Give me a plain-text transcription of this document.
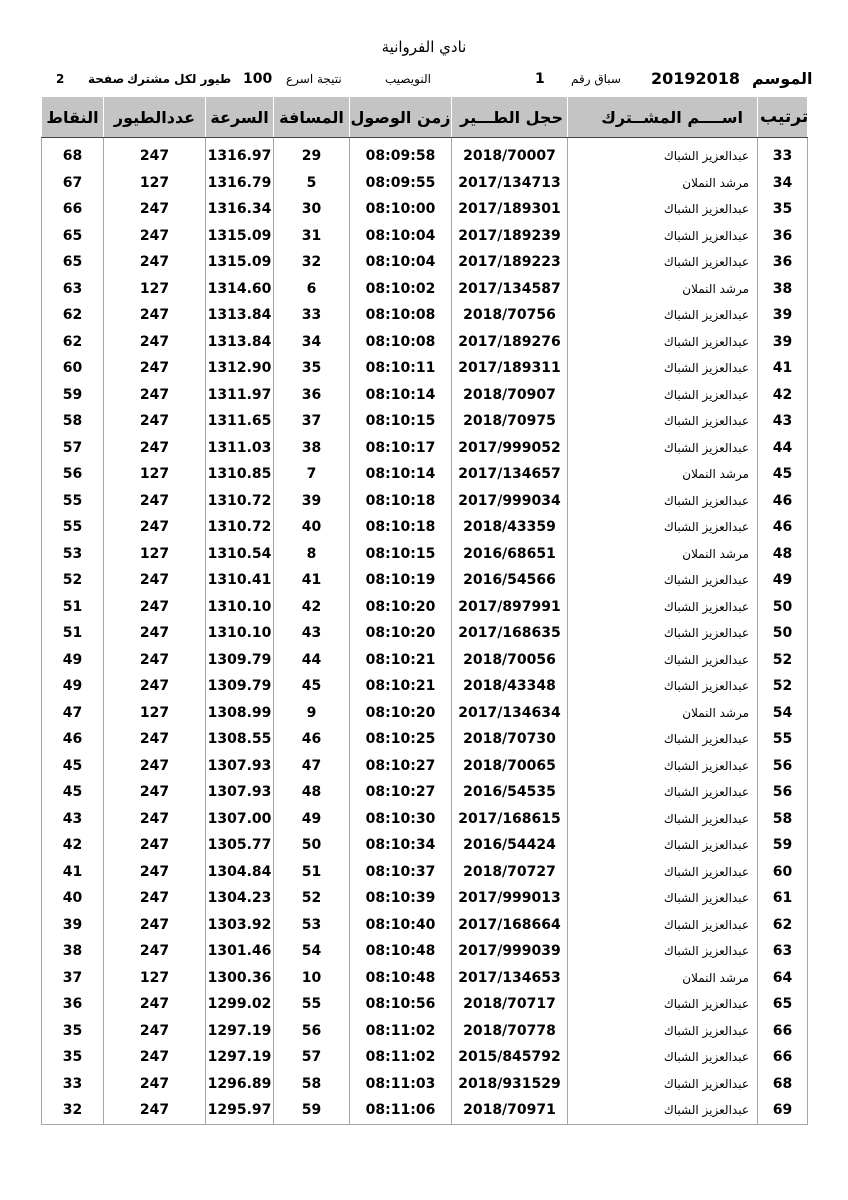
نادي الفروانية
2 صفحة طيور لكل مشترك 100 نتيجة اسرع	النويصيب	1 سباق رقم 20192018 الموسم
النقاط	عددالطيور	السرعة	المسافة	زمن الوصول	حجل الطـــير	اســــم المشــترك	ترتيب

68	247	1316.97	29	08:09:58	2018/70007	عبدالعزيز الشباك	33
67	127	1316.79	5	08:09:55	2017/134713	مرشد النملان	34
66	247	1316.34	30	08:10:00	2017/189301	عبدالعزيز الشباك	35
65	247	1315.09	31	08:10:04	2017/189239	عبدالعزيز الشباك	36
65	247	1315.09	32	08:10:04	2017/189223	عبدالعزيز الشباك	36
63	127	1314.60	6	08:10:02	2017/134587	مرشد النملان	38
62	247	1313.84	33	08:10:08	2018/70756	عبدالعزيز الشباك	39
62	247	1313.84	34	08:10:08	2017/189276	عبدالعزيز الشباك	39
60	247	1312.90	35	08:10:11	2017/189311	عبدالعزيز الشباك	41
59	247	1311.97	36	08:10:14	2018/70907	عبدالعزيز الشباك	42
58	247	1311.65	37	08:10:15	2018/70975	عبدالعزيز الشباك	43
57	247	1311.03	38	08:10:17	2017/999052	عبدالعزيز الشباك	44
56	127	1310.85	7	08:10:14	2017/134657	مرشد النملان	45
55	247	1310.72	39	08:10:18	2017/999034	عبدالعزيز الشباك	46
55	247	1310.72	40	08:10:18	2018/43359	عبدالعزيز الشباك	46
53	127	1310.54	8	08:10:15	2016/68651	مرشد النملان	48
52	247	1310.41	41	08:10:19	2016/54566	عبدالعزيز الشباك	49
51	247	1310.10	42	08:10:20	2017/897991	عبدالعزيز الشباك	50
51	247	1310.10	43	08:10:20	2017/168635	عبدالعزيز الشباك	50
49	247	1309.79	44	08:10:21	2018/70056	عبدالعزيز الشباك	52
49	247	1309.79	45	08:10:21	2018/43348	عبدالعزيز الشباك	52
47	127	1308.99	9	08:10:20	2017/134634	مرشد النملان	54
46	247	1308.55	46	08:10:25	2018/70730	عبدالعزيز الشباك	55
45	247	1307.93	47	08:10:27	2018/70065	عبدالعزيز الشباك	56
45	247	1307.93	48	08:10:27	2016/54535	عبدالعزيز الشباك	56
43	247	1307.00	49	08:10:30	2017/168615	عبدالعزيز الشباك	58
42	247	1305.77	50	08:10:34	2016/54424	عبدالعزيز الشباك	59
41	247	1304.84	51	08:10:37	2018/70727	عبدالعزيز الشباك	60
40	247	1304.23	52	08:10:39	2017/999013	عبدالعزيز الشباك	61
39	247	1303.92	53	08:10:40	2017/168664	عبدالعزيز الشباك	62
38	247	1301.46	54	08:10:48	2017/999039	عبدالعزيز الشباك	63
37	127	1300.36	10	08:10:48	2017/134653	مرشد النملان	64
36	247	1299.02	55	08:10:56	2018/70717	عبدالعزيز الشباك	65
35	247	1297.19	56	08:11:02	2018/70778	عبدالعزيز الشباك	66
35	247	1297.19	57	08:11:02	2015/845792	عبدالعزيز الشباك	66
33	247	1296.89	58	08:11:03	2018/931529	عبدالعزيز الشباك	68
32	247	1295.97	59	08:11:06	2018/70971	عبدالعزيز الشباك	69
